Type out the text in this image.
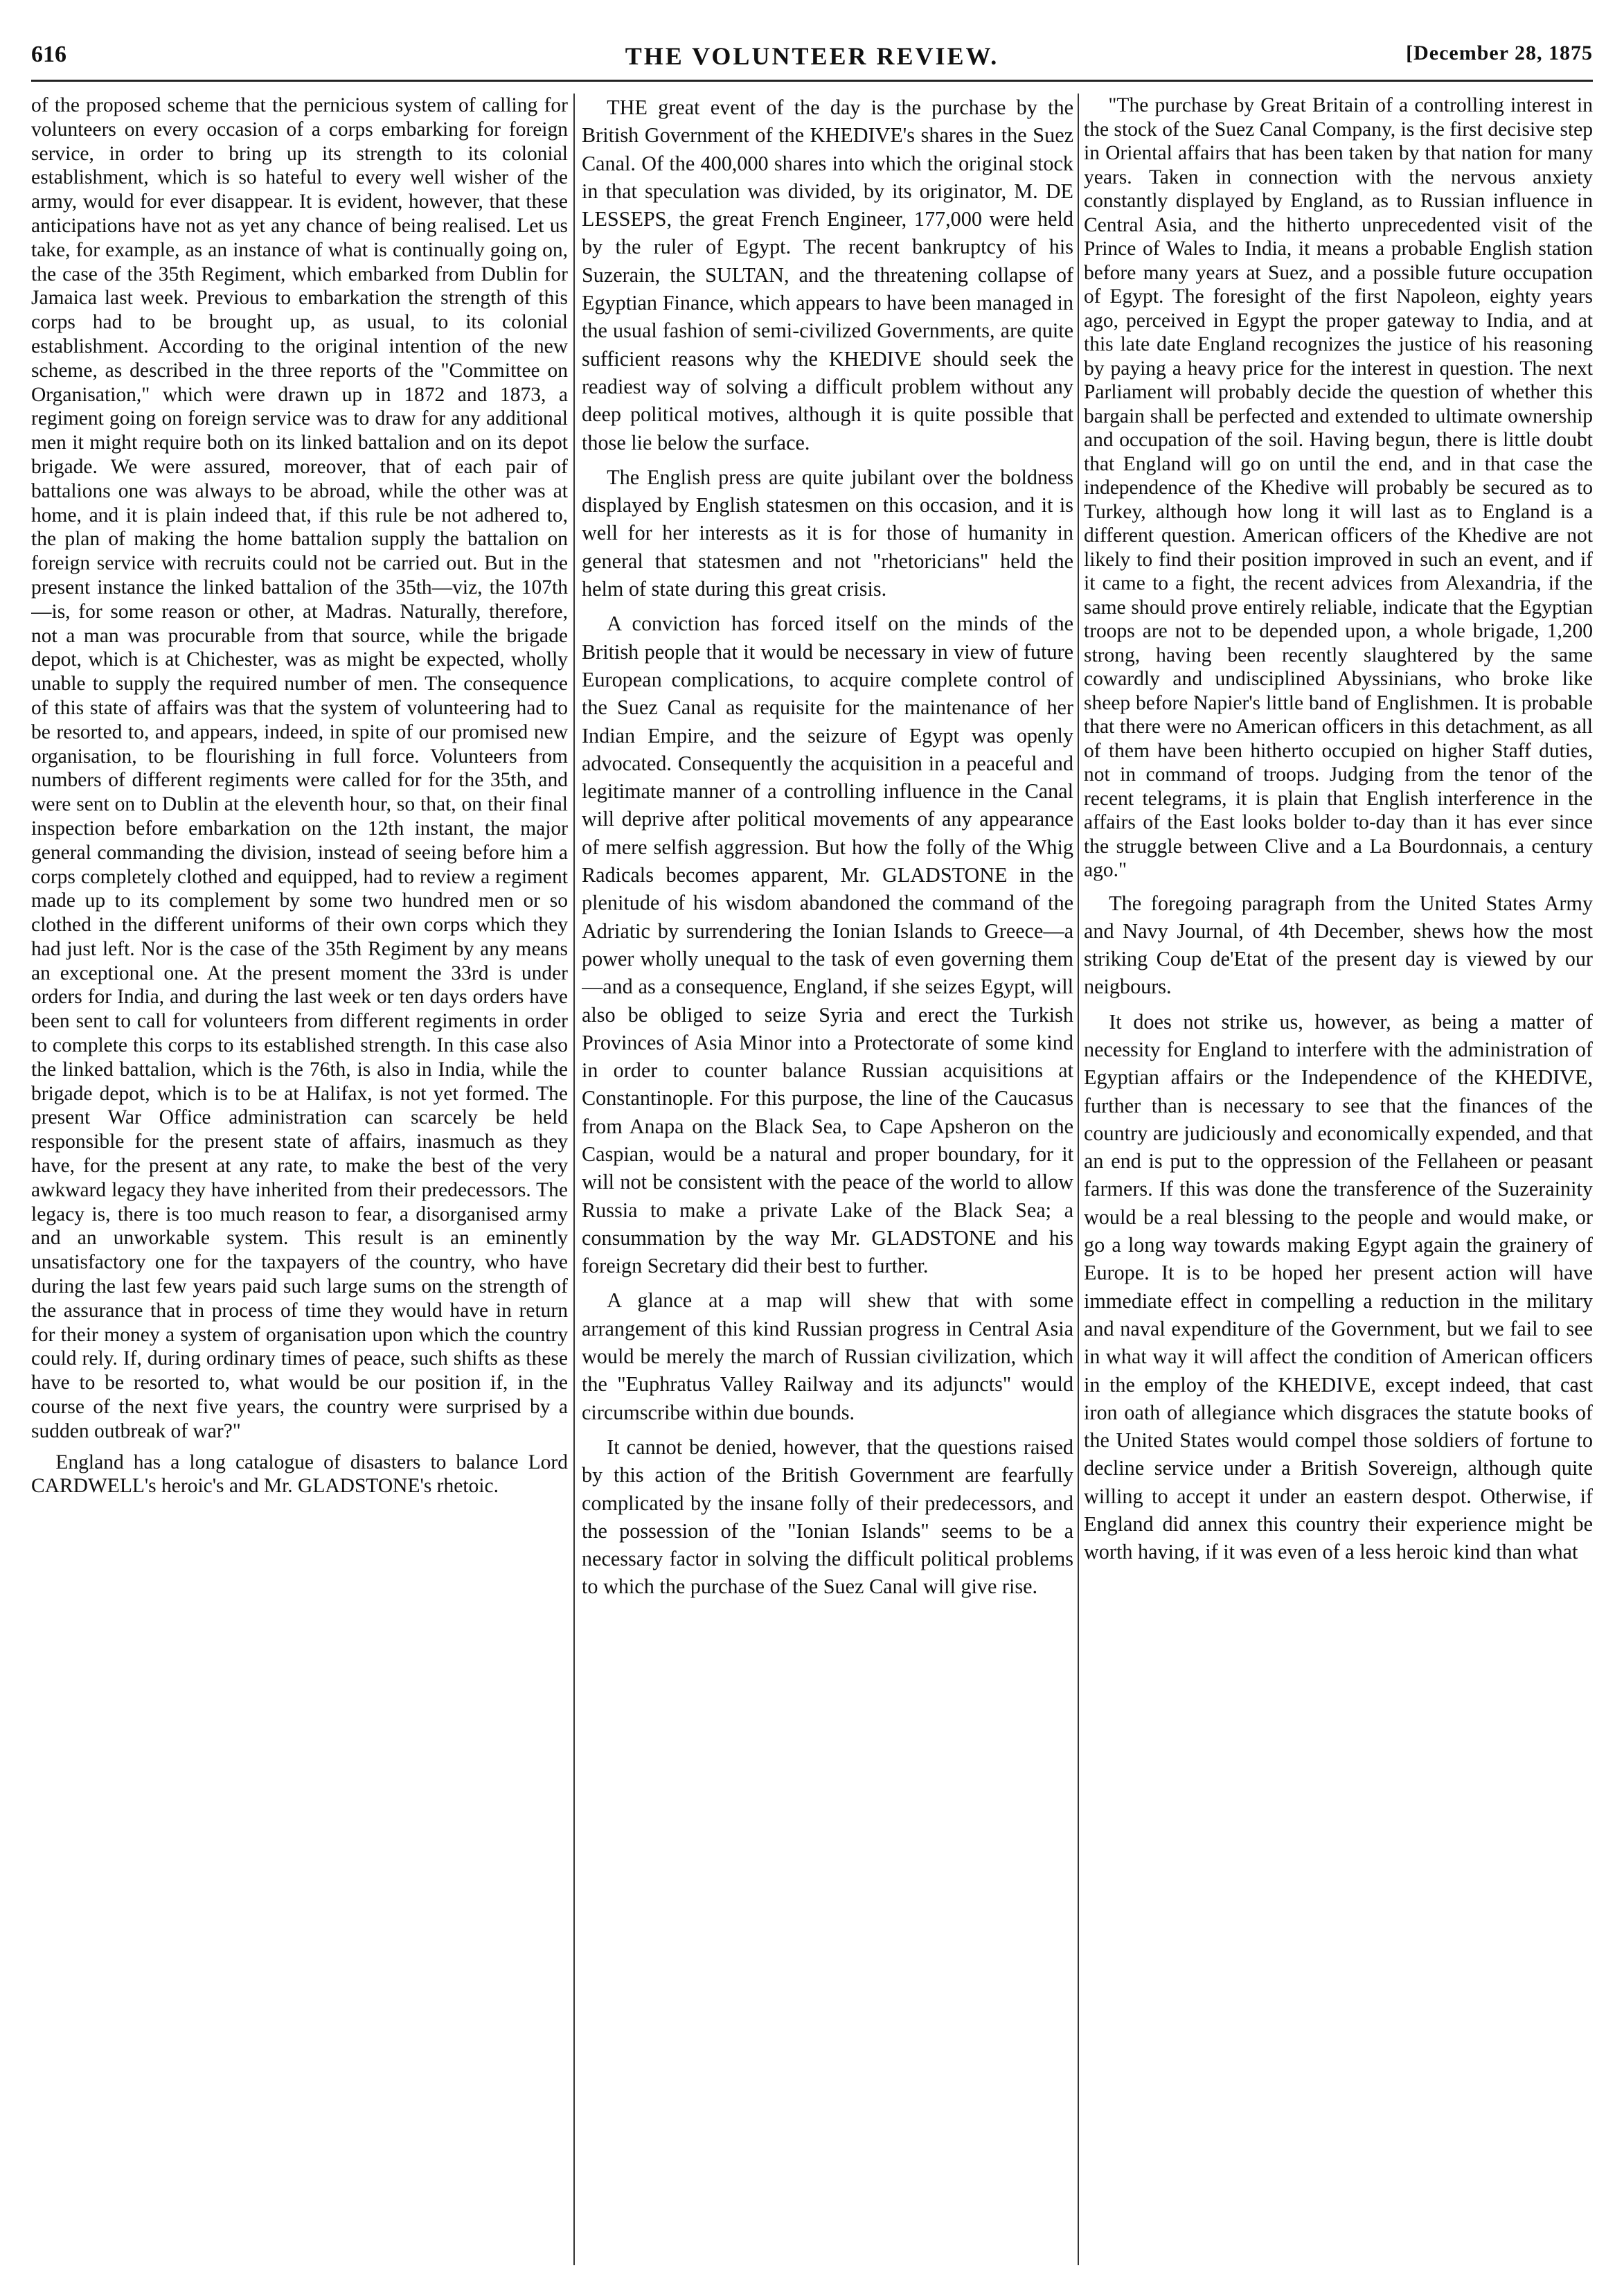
616	THE VOLUNTEER REVIEW.	[December 28, 1875

of the proposed scheme that the pernicious system of calling for volunteers on every occasion of a corps embarking for foreign service, in order to bring up its strength to its colonial establishment, which is so hateful to every well wisher of the army, would for ever disappear. It is evident, however, that these anticipations have not as yet any chance of being realised. Let us take, for example, as an instance of what is continually going on, the case of the 35th Regiment, which embarked from Dublin for Jamaica last week. Previous to embarkation the strength of this corps had to be brought up, as usual, to its colonial establishment. According to the original intention of the new scheme, as described in the three reports of the "Committee on Organisation," which were drawn up in 1872 and 1873, a regiment going on foreign service was to draw for any additional men it might require both on its linked battalion and on its depot brigade. We were assured, moreover, that of each pair of battalions one was always to be abroad, while the other was at home, and it is plain indeed that, if this rule be not adhered to, the plan of making the home battalion supply the battalion on foreign service with recruits could not be carried out. But in the present instance the linked battalion of the 35th—viz, the 107th—is, for some reason or other, at Madras. Naturally, therefore, not a man was procurable from that source, while the brigade depot, which is at Chichester, was as might be expected, wholly unable to supply the required number of men. The consequence of this state of affairs was that the system of volunteering had to be resorted to, and appears, indeed, in spite of our promised new organisation, to be flourishing in full force. Volunteers from numbers of different regiments were called for for the 35th, and were sent on to Dublin at the eleventh hour, so that, on their final inspection before embarkation on the 12th instant, the major general commanding the division, instead of seeing before him a corps completely clothed and equipped, had to review a regiment made up to its complement by some two hundred men or so clothed in the different uniforms of their own corps which they had just left. Nor is the case of the 35th Regiment by any means an exceptional one. At the present moment the 33rd is under orders for India, and during the last week or ten days orders have been sent to call for volunteers from different regiments in order to complete this corps to its established strength. In this case also the linked battalion, which is the 76th, is also in India, while the brigade depot, which is to be at Halifax, is not yet formed. The present War Office administration can scarcely be held responsible for the present state of affairs, inasmuch as they have, for the present at any rate, to make the best of the very awkward legacy they have inherited from their predecessors. The legacy is, there is too much reason to fear, a disorganised army and an unworkable system. This result is an eminently unsatisfactory one for the taxpayers of the country, who have during the last few years paid such large sums on the strength of the assurance that in process of time they would have in return for their money a system of organisation upon which the country could rely. If, during ordinary times of peace, such shifts as these have to be resorted to, what would be our position if, in the course of the next five years, the country were surprised by a sudden outbreak of war?"

England has a long catalogue of disasters to balance Lord CARDWELL's heroic's and Mr. GLADSTONE's rhetoic.

THE great event of the day is the purchase by the British Government of the KHEDIVE's shares in the Suez Canal. Of the 400,000 shares into which the original stock in that speculation was divided, by its originator, M. DE LESSEPS, the great French Engineer, 177,000 were held by the ruler of Egypt. The recent bankruptcy of his Suzerain, the SULTAN, and the threatening collapse of Egyptian Finance, which appears to have been managed in the usual fashion of semi-civilized Governments, are quite sufficient reasons why the KHEDIVE should seek the readiest way of solving a difficult problem without any deep political motives, although it is quite possible that those lie below the surface.

The English press are quite jubilant over the boldness displayed by English statesmen on this occasion, and it is well for her interests as it is for those of humanity in general that statesmen and not "rhetoricians" held the helm of state during this great crisis.

A conviction has forced itself on the minds of the British people that it would be necessary in view of future European complications, to acquire complete control of the Suez Canal as requisite for the maintenance of her Indian Empire, and the seizure of Egypt was openly advocated. Consequently the acquisition in a peaceful and legitimate manner of a controlling influence in the Canal will deprive after political movements of any appearance of mere selfish aggression. But how the folly of the Whig Radicals becomes apparent, Mr. GLADSTONE in the plenitude of his wisdom abandoned the command of the Adriatic by surrendering the Ionian Islands to Greece—a power wholly unequal to the task of even governing them—and as a consequence, England, if she seizes Egypt, will also be obliged to seize Syria and erect the Turkish Provinces of Asia Minor into a Protectorate of some kind in order to counter balance Russian acquisitions at Constantinople. For this purpose, the line of the Caucasus from Anapa on the Black Sea, to Cape Apsheron on the Caspian, would be a natural and proper boundary, for it will not be consistent with the peace of the world to allow Russia to make a private Lake of the Black Sea; a consummation by the way Mr. GLADSTONE and his foreign Secretary did their best to further.

A glance at a map will shew that with some arrangement of this kind Russian progress in Central Asia would be merely the march of Russian civilization, which the "Euphratus Valley Railway and its adjuncts" would circumscribe within due bounds.

It cannot be denied, however, that the questions raised by this action of the British Government are fearfully complicated by the insane folly of their predecessors, and the possession of the "Ionian Islands" seems to be a necessary factor in solving the difficult political problems to which the purchase of the Suez Canal will give rise.

"The purchase by Great Britain of a controlling interest in the stock of the Suez Canal Company, is the first decisive step in Oriental affairs that has been taken by that nation for many years. Taken in connection with the nervous anxiety constantly displayed by England, as to Russian influence in Central Asia, and the hitherto unprecedented visit of the Prince of Wales to India, it means a probable English station before many years at Suez, and a possible future occupation of Egypt. The foresight of the first Napoleon, eighty years ago, perceived in Egypt the proper gateway to India, and at this late date England recognizes the justice of his reasoning by paying a heavy price for the interest in question. The next Parliament will probably decide the question of whether this bargain shall be perfected and extended to ultimate ownership and occupation of the soil. Having begun, there is little doubt that England will go on until the end, and in that case the independence of the Khedive will probably be secured as to Turkey, although how long it will last as to England is a different question. American officers of the Khedive are not likely to find their position improved in such an event, and if it came to a fight, the recent advices from Alexandria, if the same should prove entirely reliable, indicate that the Egyptian troops are not to be depended upon, a whole brigade, 1,200 strong, having been recently slaughtered by the same cowardly and undisciplined Abyssinians, who broke like sheep before Napier's little band of Englishmen. It is probable that there were no American officers in this detachment, as all of them have been hitherto occupied on higher Staff duties, not in command of troops. Judging from the tenor of the recent telegrams, it is plain that English interference in the affairs of the East looks bolder to-day than it has ever since the struggle between Clive and a La Bourdonnais, a century ago."

The foregoing paragraph from the United States Army and Navy Journal, of 4th December, shews how the most striking Coup de'Etat of the present day is viewed by our neigbours.

It does not strike us, however, as being a matter of necessity for England to interfere with the administration of Egyptian affairs or the Independence of the KHEDIVE, further than is necessary to see that the finances of the country are judiciously and economically expended, and that an end is put to the oppression of the Fellaheen or peasant farmers. If this was done the transference of the Suzerainity would be a real blessing to the people and would make, or go a long way towards making Egypt again the grainery of Europe. It is to be hoped her present action will have immediate effect in compelling a reduction in the military and naval expenditure of the Government, but we fail to see in what way it will affect the condition of American officers in the employ of the KHEDIVE, except indeed, that cast iron oath of allegiance which disgraces the statute books of the United States would compel those soldiers of fortune to decline service under a British Sovereign, although quite willing to accept it under an eastern despot. Otherwise, if England did annex this country their experience might be worth having, if it was even of a less heroic kind than what
